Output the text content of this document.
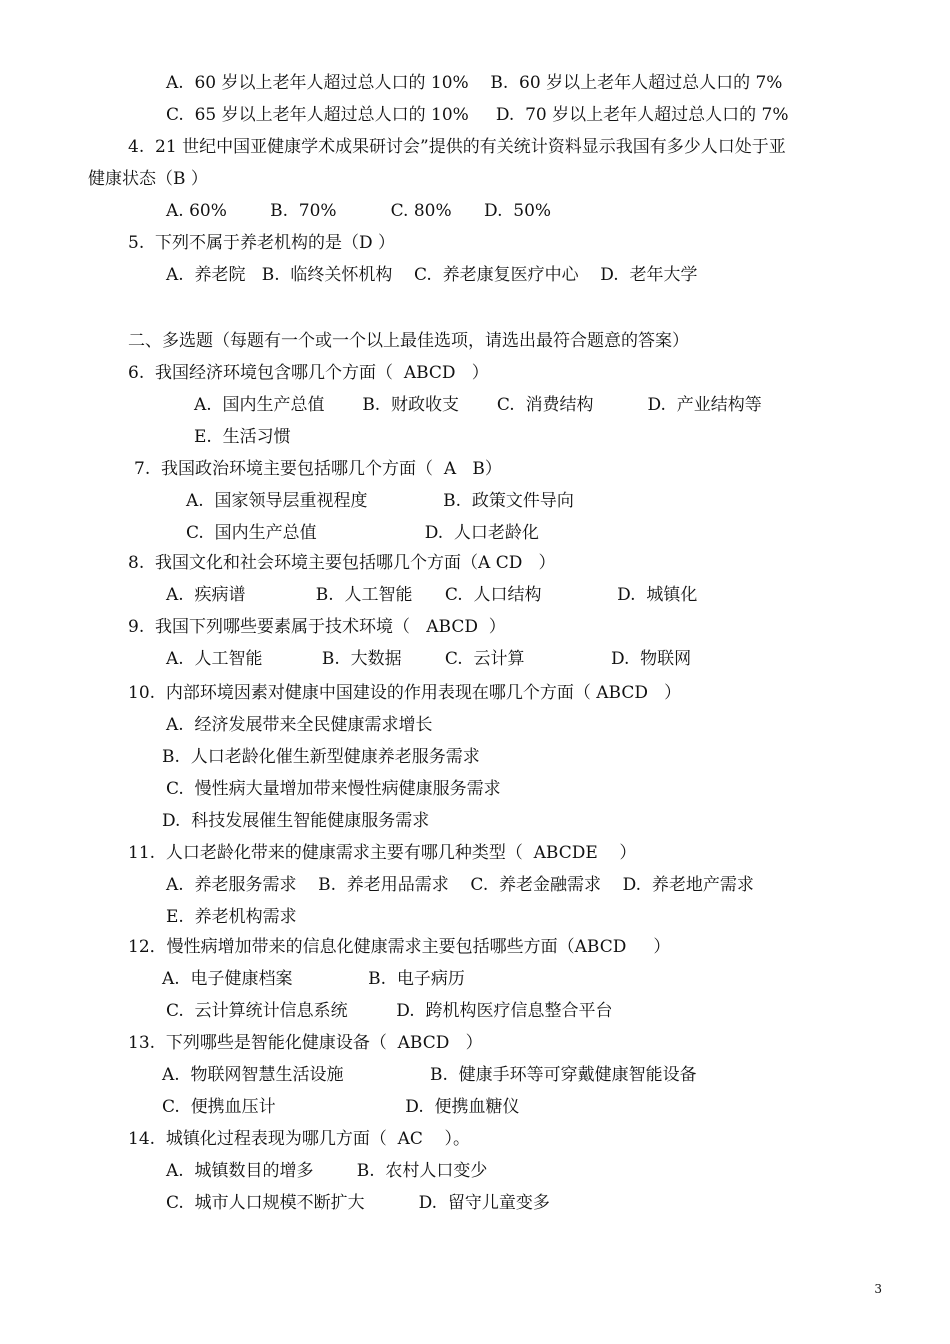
A.  60 岁以上老年人超过总人口的 10%    B.  60 岁以上老年人超过总人口的 7%
C.  65 岁以上老年人超过总人口的 10%     D.  70 岁以上老年人超过总人口的 7%
4.  21 世纪中国亚健康学术成果研讨会”提供的有关统计资料显示我国有多少人口处于亚
健康状态（B ）
A. 60%        B.  70%          C. 80%      D.  50%
5.  下列不属于养老机构的是（D ）
A.  养老院   B.  临终关怀机构    C.  养老康复医疗中心    D.  老年大学
二、多选题（每题有一个或一个以上最佳选项，请选出最符合题意的答案）
6.  我国经济环境包含哪几个方面（  ABCD   ）
A.  国内生产总值       B.  财政收支       C.  消费结构          D.  产业结构等
E.  生活习惯
7.  我国政治环境主要包括哪几个方面（  A   B）
A.  国家领导层重视程度              B.  政策文件导向
C.  国内生产总值                    D.  人口老龄化
8.  我国文化和社会环境主要包括哪几个方面（A CD   ）
A.  疾病谱             B.  人工智能      C.  人口结构              D.  城镇化
9.  我国下列哪些要素属于技术环境（   ABCD  ）
A.  人工智能           B.  大数据        C.  云计算                D.  物联网
10.  内部环境因素对健康中国建设的作用表现在哪几个方面（ ABCD   ）
A.  经济发展带来全民健康需求增长
B.  人口老龄化催生新型健康养老服务需求
C.  慢性病大量增加带来慢性病健康服务需求
D.  科技发展催生智能健康服务需求
11.  人口老龄化带来的健康需求主要有哪几种类型（  ABCDE    ）
A.  养老服务需求    B.  养老用品需求    C.  养老金融需求    D.  养老地产需求
E.  养老机构需求
12．慢性病增加带来的信息化健康需求主要包括哪些方面（ABCD     ）
A.  电子健康档案              B.  电子病历
C.  云计算统计信息系统         D.  跨机构医疗信息整合平台
13.  下列哪些是智能化健康设备（  ABCD   ）
A.  物联网智慧生活设施                B.  健康手环等可穿戴健康智能设备
C.  便携血压计                        D.  便携血糖仪
14.  城镇化过程表现为哪几方面（  AC    ）。
A.  城镇数目的增多        B.  农村人口变少
C.  城市人口规模不断扩大          D.  留守儿童变多
3
